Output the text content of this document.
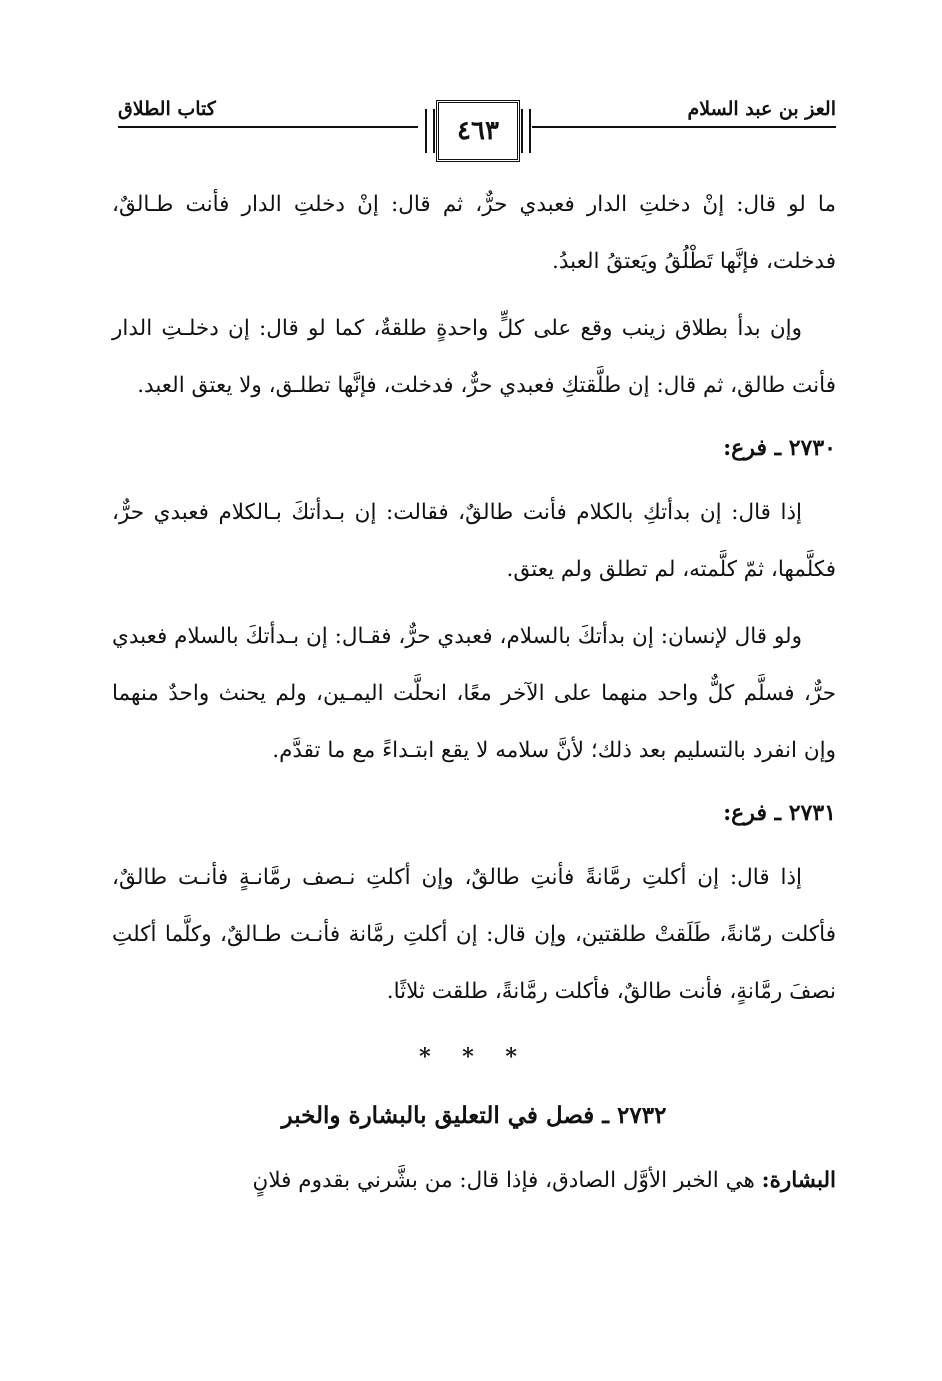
العز بن عبد السلام
كتاب الطلاق
٤٦٣

ما لو قال: إنْ دخلتِ الدار فعبدي حرٌّ، ثم قال: إنْ دخلتِ الدار فأنت طـالقٌ، فدخلت، فإنَّها تَطْلُقُ ويَعتقُ العبدُ.

وإن بدأ بطلاق زينب وقع على كلٍّ واحدةٍ طلقةٌ، كما لو قال: إن دخلـتِ الدار فأنت طالق، ثم قال: إن طلَّقتكِ فعبدي حرٌّ، فدخلت، فإنَّها تطلـق، ولا يعتق العبد.

٢٧٣٠ ـ فرع:

إذا قال: إن بدأتكِ بالكلام فأنت طالقٌ، فقالت: إن بـدأتكَ بـالكلام فعبدي حرٌّ، فكلَّمها، ثمّ كلَّمته، لم تطلق ولم يعتق.

ولو قال لإنسان: إن بدأتكَ بالسلام، فعبدي حرٌّ، فقـال: إن بـدأتكَ بالسلام فعبدي حرٌّ، فسلَّم كلٌّ واحد منهما على الآخر معًا، انحلَّت اليمـين، ولم يحنث واحدٌ منهما وإن انفرد بالتسليم بعد ذلك؛ لأنَّ سلامه لا يقع ابتـداءً مع ما تقدَّم.

٢٧٣١ ـ فرع:

إذا قال: إن أكلتِ رمَّانةً فأنتِ طالقٌ، وإن أكلتِ نـصف رمَّانـةٍ فأنـت طالقٌ، فأكلت رمّانةً، طَلَقتْ طلقتين، وإن قال: إن أكلتِ رمَّانة فأنـت طـالقٌ، وكلَّما أكلتِ نصفَ رمَّانةٍ، فأنت طالقٌ، فأكلت رمَّانةً، طلقت ثلاثًا.

* * *
٢٧٣٢ ـ فصل في التعليق بالبشارة والخبر

البشارة: هي الخبر الأوَّل الصادق، فإذا قال: من بشَّرني بقدوم فلانٍ
